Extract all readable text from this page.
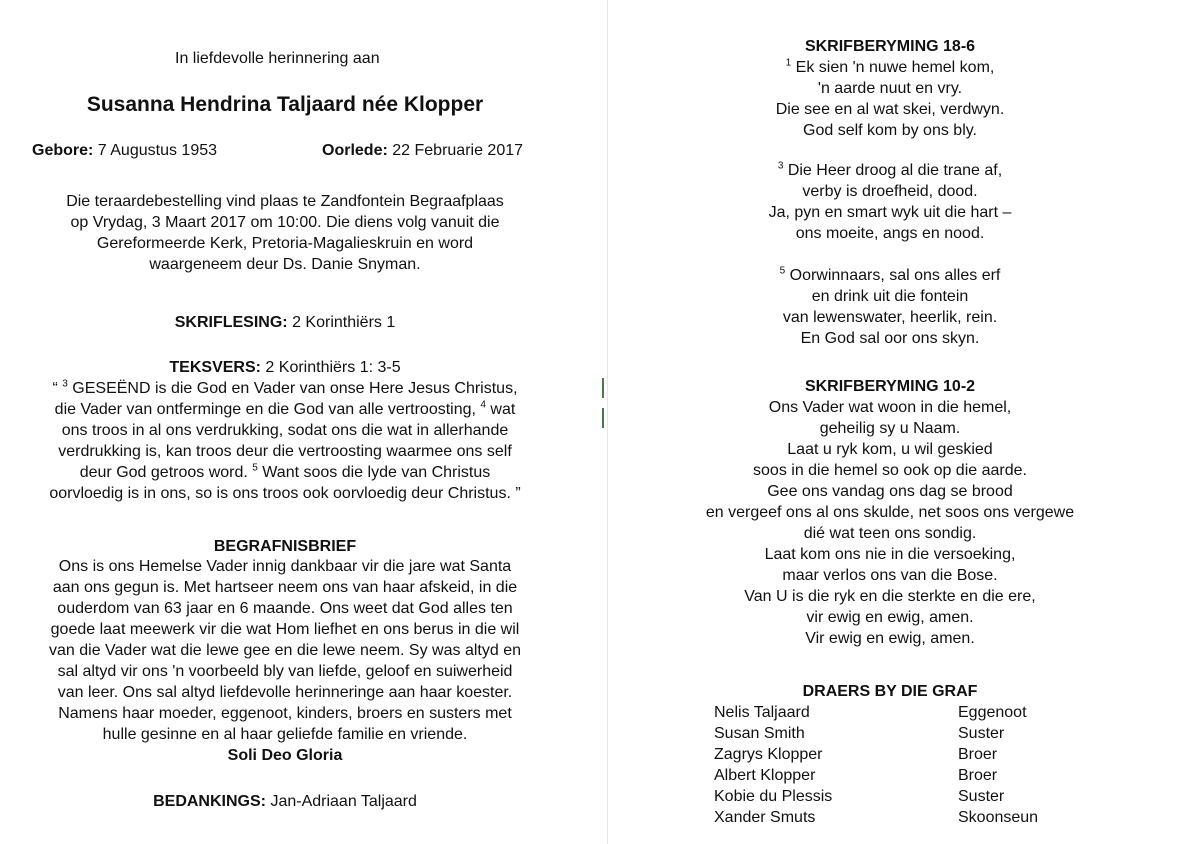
In liefdevolle herinnering aan
Susanna Hendrina Taljaard née Klopper
Gebore: 7 Augustus 1953	Oorlede: 22 Februarie 2017
Die teraardebestelling vind plaas te Zandfontein Begraafplaas
op Vrydag, 3 Maart 2017 om 10:00. Die diens volg vanuit die
Gereformeerde Kerk, Pretoria-Magalieskruin en word
waargeneem deur Ds. Danie Snyman.
SKRIFLESING: 2 Korinthiërs 1
TEKSVERS: 2 Korinthiërs 1: 3-5
“ $^3$ GESEËND is die God en Vader van onse Here Jesus Christus,
die Vader van ontferminge en die God van alle vertroosting, $^4$ wat
ons troos in al ons verdrukking, sodat ons die wat in allerhande
verdrukking is, kan troos deur die vertroosting waarmee ons self
deur God getroos word. $^5$ Want soos die lyde van Christus
oorvloedig is in ons, so is ons troos ook oorvloedig deur Christus. ”
BEGRAFNISBRIEF
Ons is ons Hemelse Vader innig dankbaar vir die jare wat Santa
aan ons gegun is. Met hartseer neem ons van haar afskeid, in die
ouderdom van 63 jaar en 6 maande. Ons weet dat God alles ten
goede laat meewerk vir die wat Hom liefhet en ons berus in die wil
van die Vader wat die lewe gee en die lewe neem. Sy was altyd en
sal altyd vir ons 'n voorbeeld bly van liefde, geloof en suiwerheid
van leer. Ons sal altyd liefdevolle herinneringe aan haar koester.
Namens haar moeder, eggenoot, kinders, broers en susters met
hulle gesinne en al haar geliefde familie en vriende.
Soli Deo Gloria
BEDANKINGS: Jan-Adriaan Taljaard
SKRIFBERYMING 18-6
$^1$ Ek sien 'n nuwe hemel kom,
'n aarde nuut en vry.
Die see en al wat skei, verdwyn.
God self kom by ons bly.
$^3$ Die Heer droog al die trane af,
verby is droefheid, dood.
Ja, pyn en smart wyk uit die hart –
ons moeite, angs en nood.
$^5$ Oorwinnaars, sal ons alles erf
en drink uit die fontein
van lewenswater, heerlik, rein.
En God sal oor ons skyn.
SKRIFBERYMING 10-2
Ons Vader wat woon in die hemel,
geheilig sy u Naam.
Laat u ryk kom, u wil geskied
soos in die hemel so ook op die aarde.
Gee ons vandag ons dag se brood
en vergeef ons al ons skulde, net soos ons vergewe
dié wat teen ons sondig.
Laat kom ons nie in die versoeking,
maar verlos ons van die Bose.
Van U is die ryk en die sterkte en die ere,
vir ewig en ewig, amen.
Vir ewig en ewig, amen.
DRAERS BY DIE GRAF
Nelis Taljaard	Eggenoot
Susan Smith	Suster
Zagrys Klopper	Broer
Albert Klopper	Broer
Kobie du Plessis	Suster
Xander Smuts	Skoonseun
